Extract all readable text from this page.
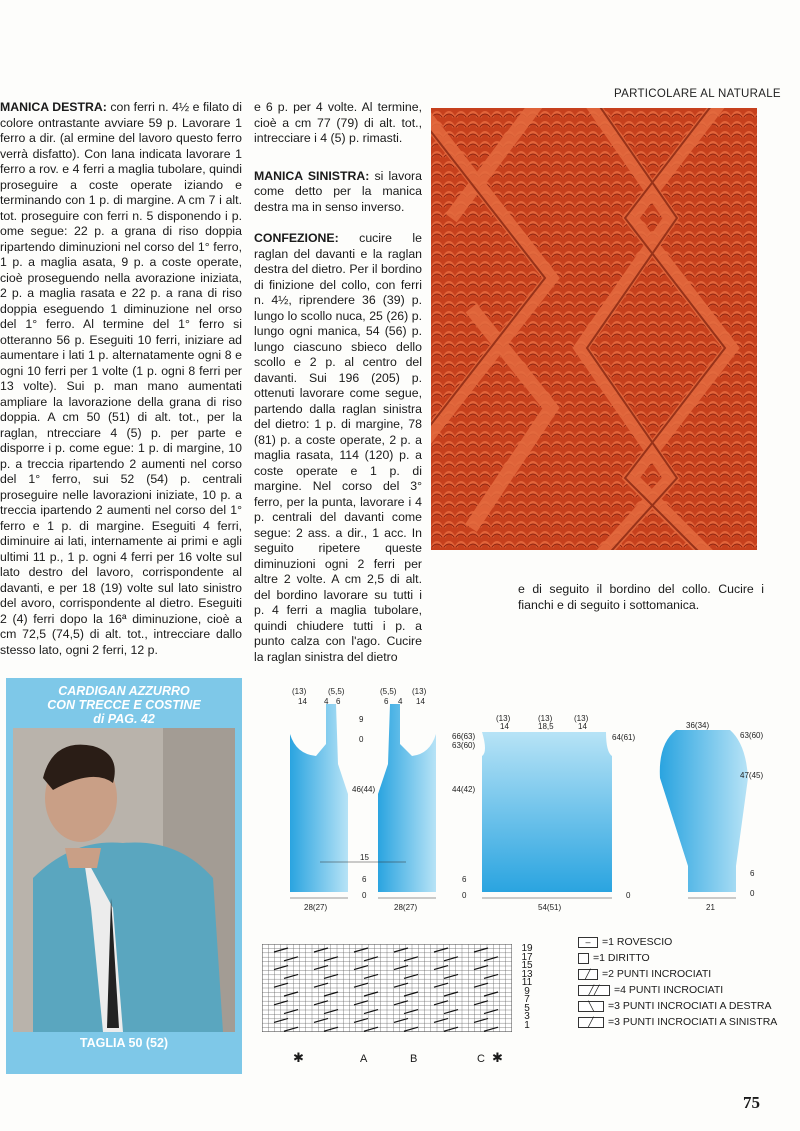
MANICA DESTRA: con ferri n. 4½ e filato di colore ontrastante avviare 59 p. Lavorare 1 ferro a dir. (al ermine del lavoro questo ferro verrà disfatto). Con lana indicata lavorare 1 ferro a rov. e 4 ferri a maglia tubolare, quindi proseguire a coste operate iziando e terminando con 1 p. di margine. A cm 7 i alt. tot. proseguire con ferri n. 5 disponendo i p. ome segue: 22 p. a grana di riso doppia ripartendo diminuzioni nel corso del 1° ferro, 1 p. a maglia asata, 9 p. a coste operate, cioè proseguendo nella avorazione iniziata, 2 p. a maglia rasata e 22 p. a rana di riso doppia eseguendo 1 diminuzione nel orso del 1° ferro. Al termine del 1° ferro si otteranno 56 p. Eseguiti 10 ferri, iniziare ad aumentare i lati 1 p. alternatamente ogni 8 e ogni 10 ferri per 1 volte (1 p. ogni 8 ferri per 13 volte). Sui p. man mano aumentati ampliare la lavorazione della grana di riso doppia. A cm 50 (51) di alt. tot., per la raglan, ntrecciare 4 (5) p. per parte e disporre i p. come egue: 1 p. di margine, 10 p. a treccia ripartendo 2 aumenti nel corso del 1° ferro, sui 52 (54) p. centrali proseguire nelle lavorazioni iniziate, 10 p. a treccia ipartendo 2 aumenti nel corso del 1° ferro e 1 p. di margine. Eseguiti 4 ferri, diminuire ai lati, internamente ai primi e agli ultimi 11 p., 1 p. ogni 4 ferri per 16 volte sul lato destro del lavoro, corrispondente al davanti, e per 18 (19) volte sul lato sinistro del avoro, corrispondente al dietro. Eseguiti 2 (4) ferri dopo la 16ª diminuzione, cioè a cm 72,5 (74,5) di alt. tot., intrecciare dallo stesso lato, ogni 2 ferri, 12 p.

e 6 p. per 4 volte. Al termine, cioè a cm 77 (79) di alt. tot., intrecciare i 4 (5) p. rimasti.

MANICA SINISTRA: si lavora come detto per la manica destra ma in senso inverso.

CONFEZIONE: cucire le raglan del davanti e la raglan destra del dietro. Per il bordino di finizione del collo, con ferri n. 4½, riprendere 36 (39) p. lungo lo scollo nuca, 25 (26) p. lungo ogni manica, 54 (56) p. lungo ciascuno sbieco dello scollo e 2 p. al centro del davanti. Sui 196 (205) p. ottenuti lavorare come segue, partendo dalla raglan sinistra del dietro: 1 p. di margine, 78 (81) p. a coste operate, 2 p. a maglia rasata, 114 (120) p. a coste operate e 1 p. di margine. Nel corso del 3° ferro, per la punta, lavorare i 4 p. centrali del davanti come segue: 2 ass. a dir., 1 acc. In seguito ripetere queste diminuzioni ogni 2 ferri per altre 2 volte. A cm 2,5 di alt. del bordino lavorare su tutti i p. 4 ferri a maglia tubolare, quindi chiudere tutti i p. a punto calza con l'ago. Cucire la raglan sinistra del dietro

e di seguito il bordino del collo. Cucire i fianchi e di seguito i sottomanica.

PARTICOLARE AL NATURALE
CARDIGAN AZZURRO
CON TRECCE E COSTINE
di PAG. 42
TAGLIA 50 (52)
(13)	(5,5)
14 4 6
(5,5) (13)
6 4 14
9
0
46(44)
15
6
0
28(27)	28(27)
66(63)
63(60)
44(42)
6
0
(13)	(13)	(13)
14	18,5	14
64(61)
54(51)
0
36(34)
63(60)
47(45)
6
0
21
19
17
15
13
11
9
7
5
3
1
– =1 ROVESCIO
=1 DIRITTO
╱ =2 PUNTI INCROCIATI
╱╱ =4 PUNTI INCROCIATI
╲ =3 PUNTI INCROCIATI A DESTRA
╱ =3 PUNTI INCROCIATI A SINISTRA
✱	A	B	C ✱
75
